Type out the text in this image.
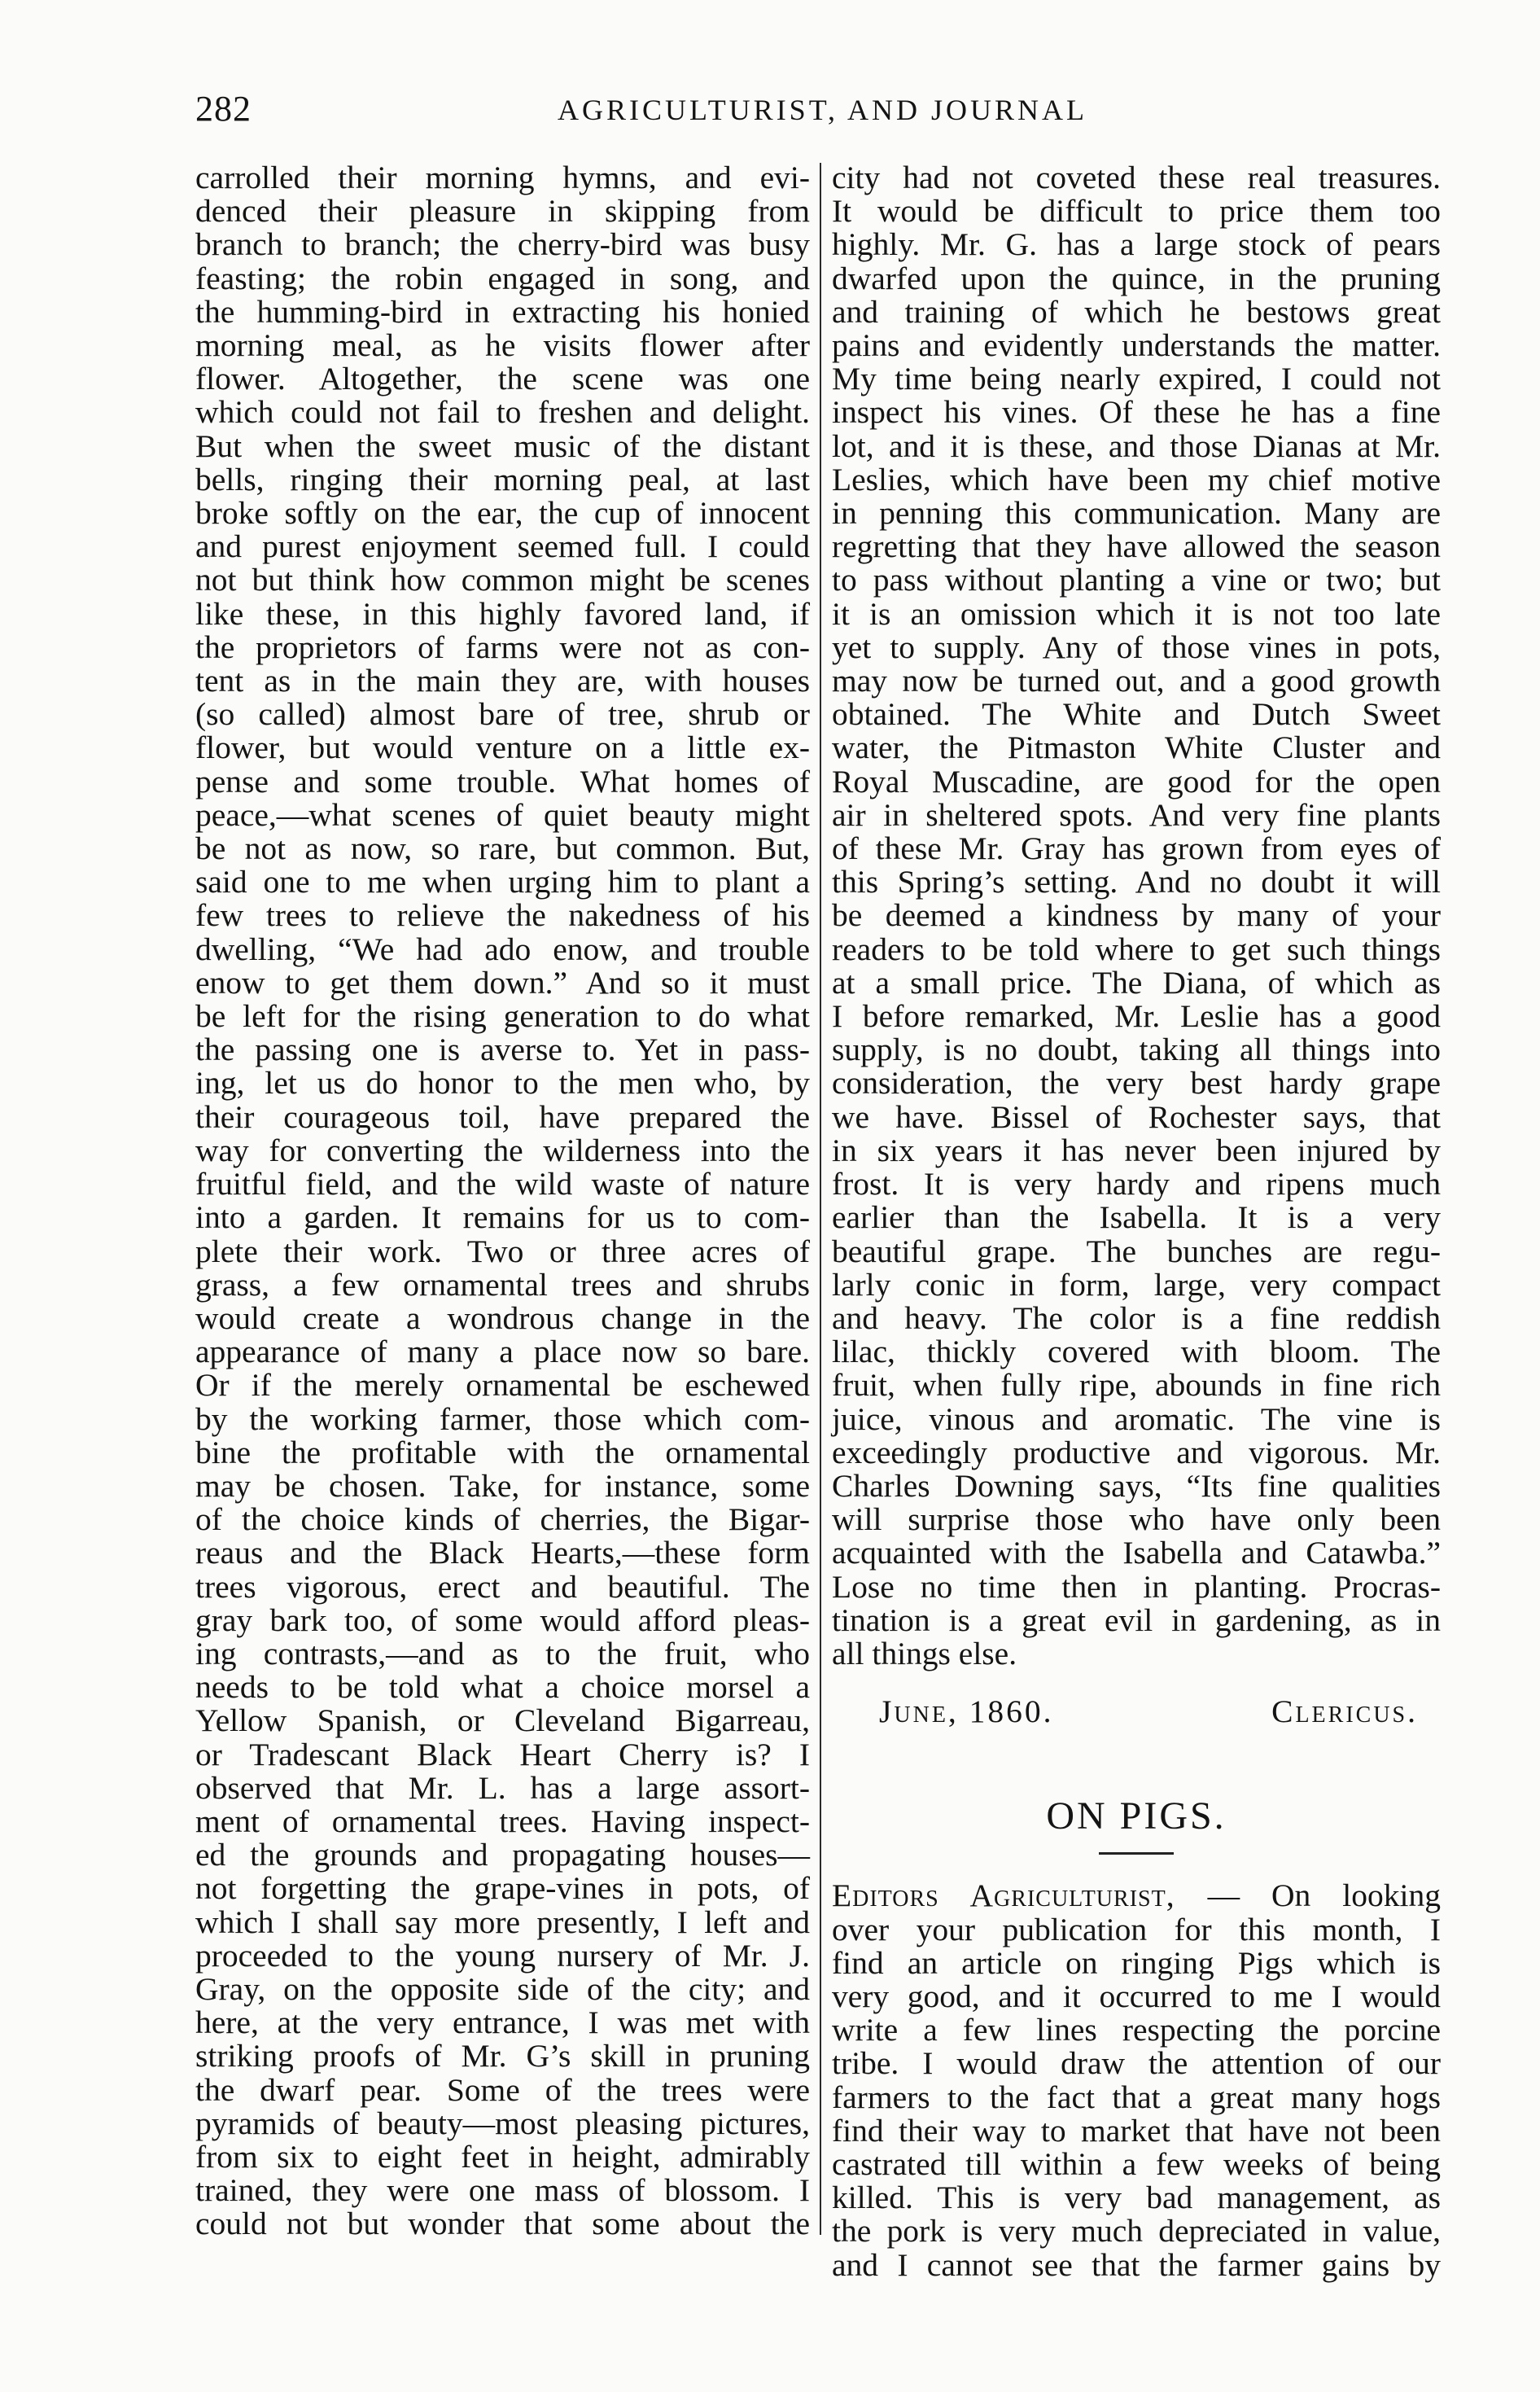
282	AGRICULTURIST, AND JOURNAL

carrolled their morning hymns, and evi-

denced their pleasure in skipping from

branch to branch; the cherry-bird was busy

feasting; the robin engaged in song, and

the humming-bird in extracting his honied

morning meal, as he visits flower after

flower. Altogether, the scene was one

which could not fail to freshen and delight.

But when the sweet music of the distant

bells, ringing their morning peal, at last

broke softly on the ear, the cup of innocent

and purest enjoyment seemed full. I could

not but think how common might be scenes

like these, in this highly favored land, if

the proprietors of farms were not as con-

tent as in the main they are, with houses

(so called) almost bare of tree, shrub or

flower, but would venture on a little ex-

pense and some trouble. What homes of

peace,—what scenes of quiet beauty might

be not as now, so rare, but common. But,

said one to me when urging him to plant a

few trees to relieve the nakedness of his

dwelling, “We had ado enow, and trouble

enow to get them down.” And so it must

be left for the rising generation to do what

the passing one is averse to. Yet in pass-

ing, let us do honor to the men who, by

their courageous toil, have prepared the

way for converting the wilderness into the

fruitful field, and the wild waste of nature

into a garden. It remains for us to com-

plete their work. Two or three acres of

grass, a few ornamental trees and shrubs

would create a wondrous change in the

appearance of many a place now so bare.

Or if the merely ornamental be eschewed

by the working farmer, those which com-

bine the profitable with the ornamental

may be chosen. Take, for instance, some

of the choice kinds of cherries, the Bigar-

reaus and the Black Hearts,—these form

trees vigorous, erect and beautiful. The

gray bark too, of some would afford pleas-

ing contrasts,—and as to the fruit, who

needs to be told what a choice morsel a

Yellow Spanish, or Cleveland Bigarreau,

or Tradescant Black Heart Cherry is? I

observed that Mr. L. has a large assort-

ment of ornamental trees. Having inspect-

ed the grounds and propagating houses—

not forgetting the grape-vines in pots, of

which I shall say more presently, I left and

proceeded to the young nursery of Mr. J.

Gray, on the opposite side of the city; and

here, at the very entrance, I was met with

striking proofs of Mr. G’s skill in pruning

the dwarf pear. Some of the trees were

pyramids of beauty—most pleasing pictures,

from six to eight feet in height, admirably

trained, they were one mass of blossom. I

could not but wonder that some about the

city had not coveted these real treasures.

It would be difficult to price them too

highly. Mr. G. has a large stock of pears

dwarfed upon the quince, in the pruning

and training of which he bestows great

pains and evidently understands the matter.

My time being nearly expired, I could not

inspect his vines. Of these he has a fine

lot, and it is these, and those Dianas at Mr.

Leslies, which have been my chief motive

in penning this communication. Many are

regretting that they have allowed the season

to pass without planting a vine or two; but

it is an omission which it is not too late

yet to supply. Any of those vines in pots,

may now be turned out, and a good growth

obtained. The White and Dutch Sweet

water, the Pitmaston White Cluster and

Royal Muscadine, are good for the open

air in sheltered spots. And very fine plants

of these Mr. Gray has grown from eyes of

this Spring’s setting. And no doubt it will

be deemed a kindness by many of your

readers to be told where to get such things

at a small price. The Diana, of which as

I before remarked, Mr. Leslie has a good

supply, is no doubt, taking all things into

consideration, the very best hardy grape

we have. Bissel of Rochester says, that

in six years it has never been injured by

frost. It is very hardy and ripens much

earlier than the Isabella. It is a very

beautiful grape. The bunches are regu-

larly conic in form, large, very compact

and heavy. The color is a fine reddish

lilac, thickly covered with bloom. The

fruit, when fully ripe, abounds in fine rich

juice, vinous and aromatic. The vine is

exceedingly productive and vigorous. Mr.

Charles Downing says, “Its fine qualities

will surprise those who have only been

acquainted with the Isabella and Catawba.”

Lose no time then in planting. Procras-

tination is a great evil in gardening, as in

all things else.

June, 1860.	Clericus.
ON PIGS.

Editors Agriculturist, — On looking

over your publication for this month, I

find an article on ringing Pigs which is

very good, and it occurred to me I would

write a few lines respecting the porcine

tribe. I would draw the attention of our

farmers to the fact that a great many hogs

find their way to market that have not been

castrated till within a few weeks of being

killed. This is very bad management, as

the pork is very much depreciated in value,

and I cannot see that the farmer gains by
